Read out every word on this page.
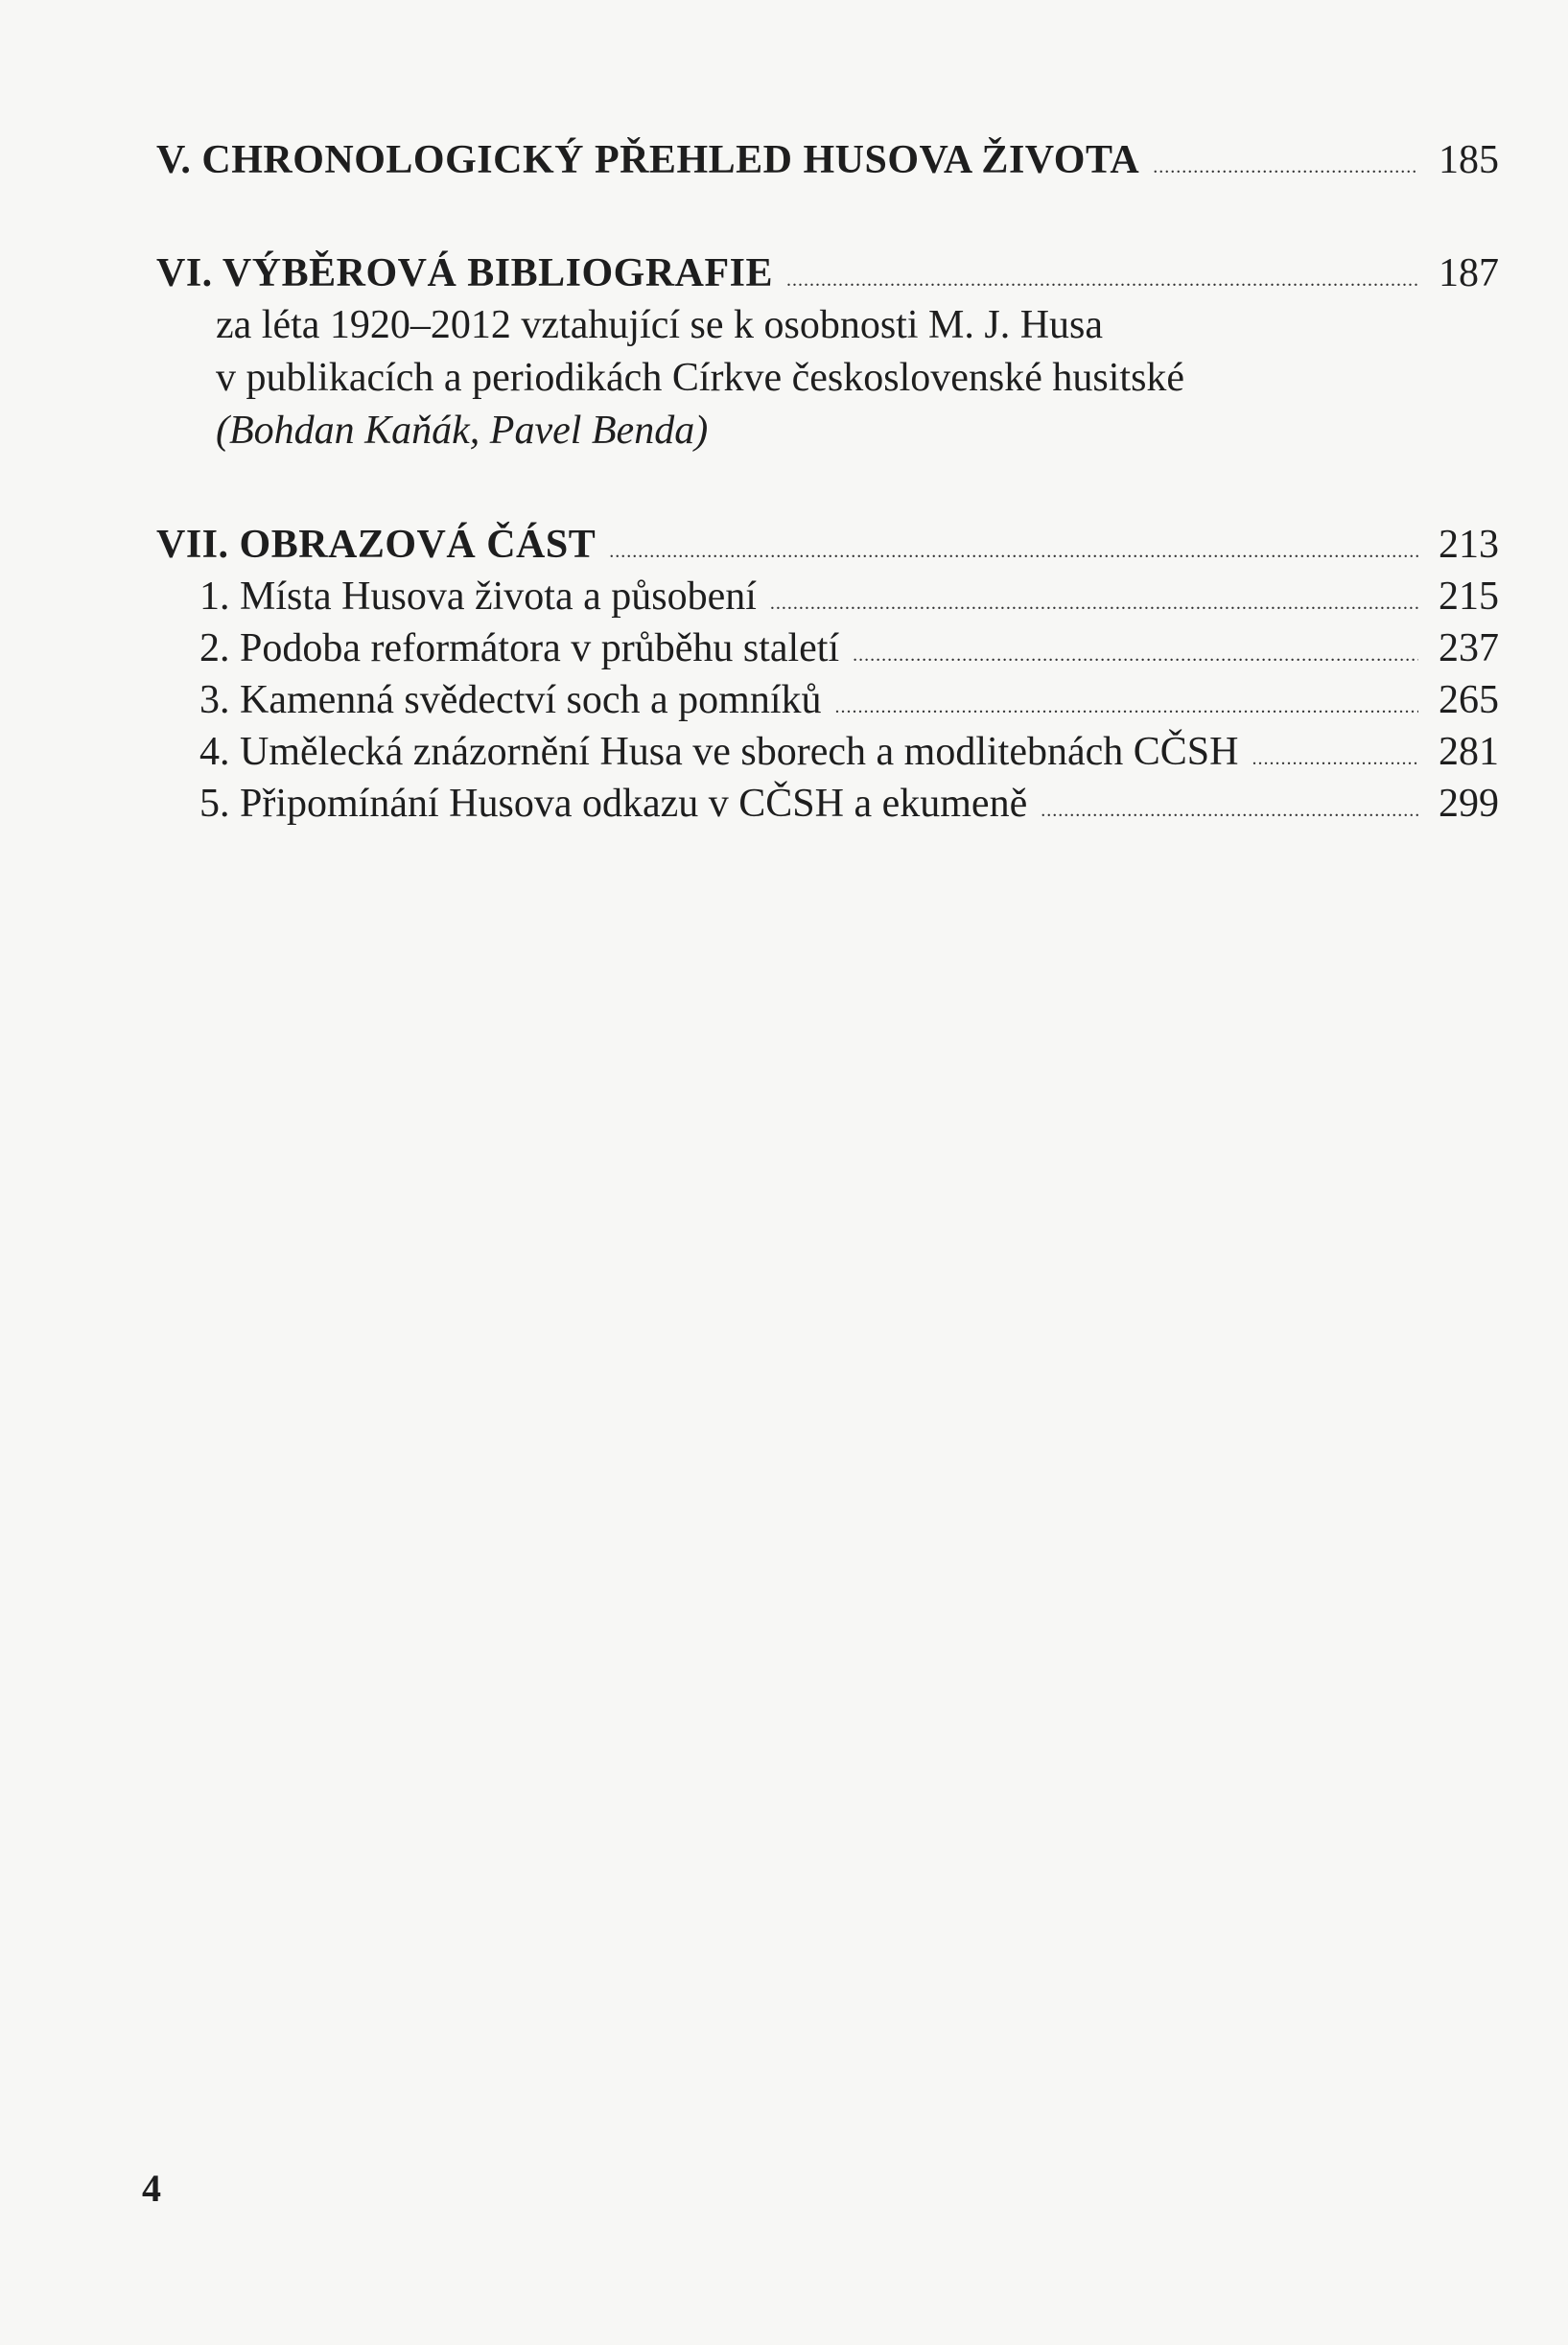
V. CHRONOLOGICKÝ PŘEHLED HUSOVA ŽIVOTA .....	185
VI. VÝBĚROVÁ BIBLIOGRAFIE .....	187
za léta 1920–2012 vztahující se k osobnosti M. J. Husa
v publikacích a periodikách Církve československé husitské
(Bohdan Kaňák, Pavel Benda)
VII. OBRAZOVÁ ČÁST .....	213
1. Místa Husova života a působení .....	215
2. Podoba reformátora v průběhu staletí .....	237
3. Kamenná svědectví soch a pomníků .....	265
4. Umělecká znázornění Husa ve sborech a modlitebnách CČSH .....	281
5. Připomínání Husova odkazu v CČSH a ekumeně .....	299
4
